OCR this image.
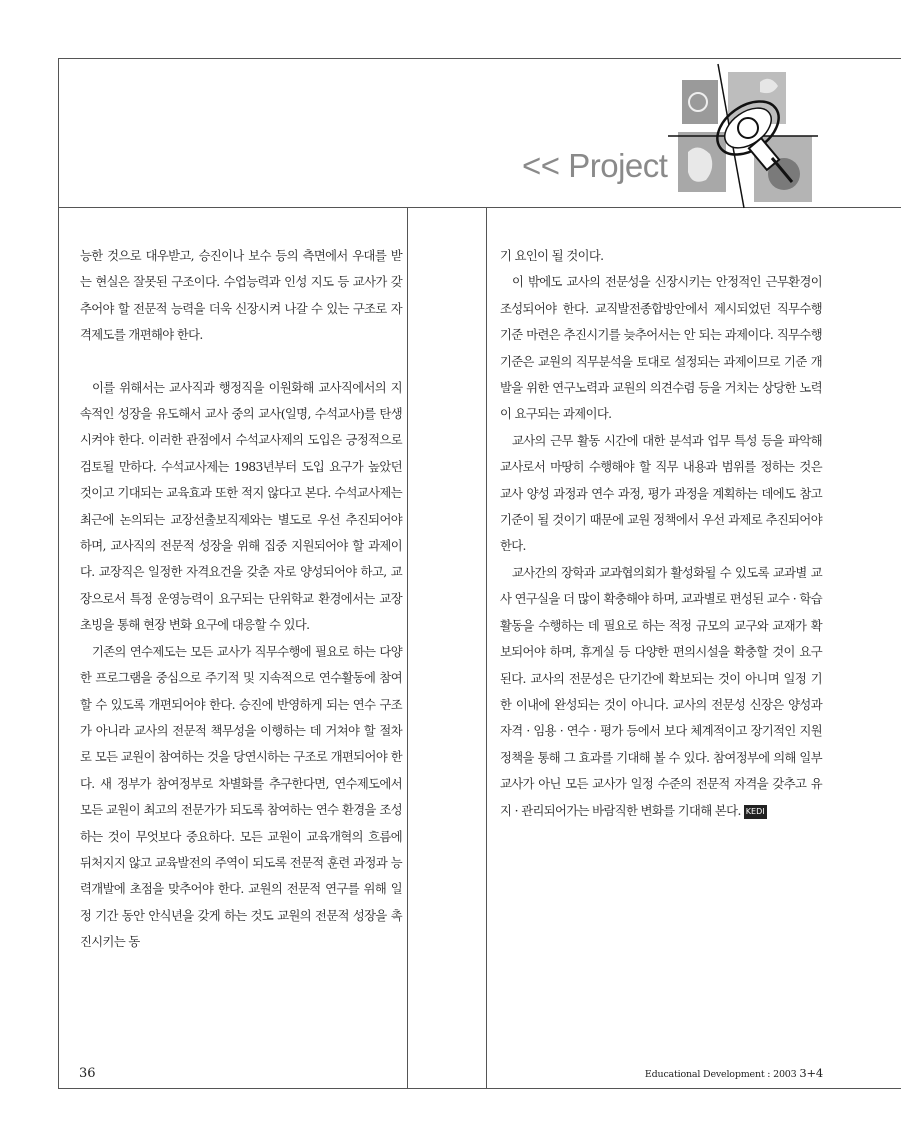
<< Project

능한 것으로 대우받고, 승진이나 보수 등의 측면에서 우대를 받는 현실은 잘못된 구조이다. 수업능력과 인성 지도 등 교사가 갖추어야 할 전문적 능력을 더욱 신장시켜 나갈 수 있는 구조로 자격제도를 개편해야 한다.

이를 위해서는 교사직과 행정직을 이원화해 교사직에서의 지속적인 성장을 유도해서 교사 중의 교사(일명, 수석교사)를 탄생시켜야 한다. 이러한 관점에서 수석교사제의 도입은 긍정적으로 검토될 만하다. 수석교사제는 1983년부터 도입 요구가 높았던 것이고 기대되는 교육효과 또한 적지 않다고 본다. 수석교사제는 최근에 논의되는 교장선출보직제와는 별도로 우선 추진되어야 하며, 교사직의 전문적 성장을 위해 집중 지원되어야 할 과제이다. 교장직은 일정한 자격요건을 갖춘 자로 양성되어야 하고, 교장으로서 특정 운영능력이 요구되는 단위학교 환경에서는 교장 초빙을 통해 현장 변화 요구에 대응할 수 있다.

기존의 연수제도는 모든 교사가 직무수행에 필요로 하는 다양한 프로그램을 중심으로 주기적 및 지속적으로 연수활동에 참여할 수 있도록 개편되어야 한다. 승진에 반영하게 되는 연수 구조가 아니라 교사의 전문적 책무성을 이행하는 데 거쳐야 할 절차로 모든 교원이 참여하는 것을 당연시하는 구조로 개편되어야 한다. 새 정부가 참여정부로 차별화를 추구한다면, 연수제도에서 모든 교원이 최고의 전문가가 되도록 참여하는 연수 환경을 조성하는 것이 무엇보다 중요하다. 모든 교원이 교육개혁의 흐름에 뒤처지지 않고 교육발전의 주역이 되도록 전문적 훈련 과정과 능력개발에 초점을 맞추어야 한다. 교원의 전문적 연구를 위해 일정 기간 동안 안식년을 갖게 하는 것도 교원의 전문적 성장을 촉진시키는 동

기 요인이 될 것이다.

이 밖에도 교사의 전문성을 신장시키는 안정적인 근무환경이 조성되어야 한다. 교직발전종합방안에서 제시되었던 직무수행 기준 마련은 추진시기를 늦추어서는 안 되는 과제이다. 직무수행 기준은 교원의 직무분석을 토대로 설정되는 과제이므로 기준 개발을 위한 연구노력과 교원의 의견수렴 등을 거치는 상당한 노력이 요구되는 과제이다.

교사의 근무 활동 시간에 대한 분석과 업무 특성 등을 파악해 교사로서 마땅히 수행해야 할 직무 내용과 범위를 정하는 것은 교사 양성 과정과 연수 과정, 평가 과정을 계획하는 데에도 참고 기준이 될 것이기 때문에 교원 정책에서 우선 과제로 추진되어야 한다.

교사간의 장학과 교과협의회가 활성화될 수 있도록 교과별 교사 연구실을 더 많이 확충해야 하며, 교과별로 편성된 교수 · 학습 활동을 수행하는 데 필요로 하는 적정 규모의 교구와 교재가 확보되어야 하며, 휴게실 등 다양한 편의시설을 확충할 것이 요구된다. 교사의 전문성은 단기간에 확보되는 것이 아니며 일정 기한 이내에 완성되는 것이 아니다. 교사의 전문성 신장은 양성과 자격 · 임용 · 연수 · 평가 등에서 보다 체계적이고 장기적인 지원 정책을 통해 그 효과를 기대해 볼 수 있다. 참여정부에 의해 일부 교사가 아닌 모든 교사가 일정 수준의 전문적 자격을 갖추고 유지 · 관리되어가는 바람직한 변화를 기대해 본다. KEDI

36	Educational Development : 2003 3+4
